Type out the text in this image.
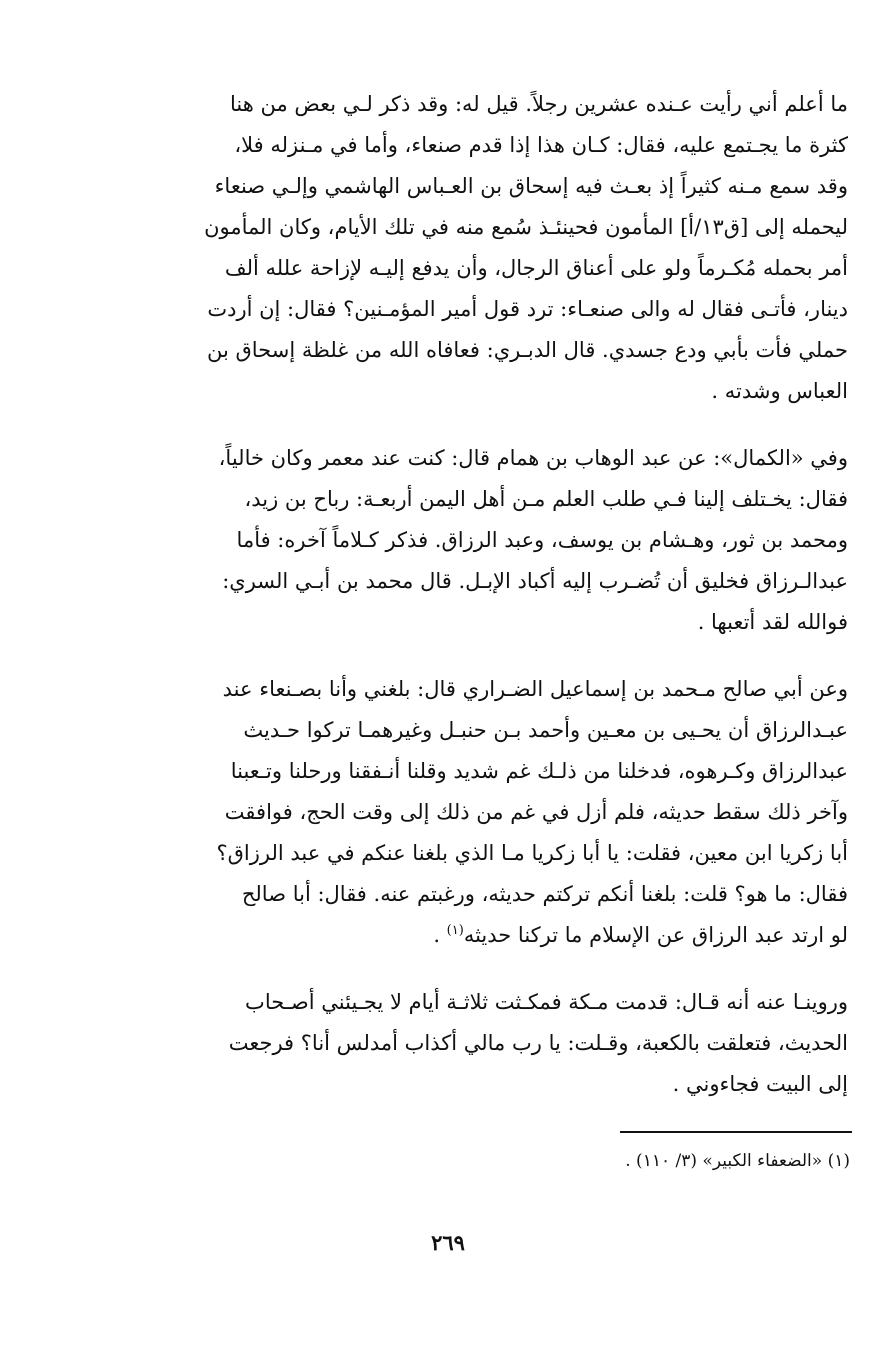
ما أعلم أني رأيت عـنده عشرين رجلاً. قيل له: وقد ذكر لـي بعض من هنا
كثرة ما يجـتمع عليه، فقال: كـان هذا إذا قدم صنعاء، وأما في مـنزله فلا،
وقد سمع مـنه كثيراً إذ بعـث فيه إسحاق بن العـباس الهاشمي وإلـي صنعاء
ليحمله إلى [ق١٣/أ] المأمون فحينئـذ سُمع منه في تلك الأيام، وكان المأمون
أمر بحمله مُكـرماً ولو على أعناق الرجال، وأن يدفع إليـه لإزاحة علله ألف
دينار، فأتـى فقال له والى صنعـاء: ترد قول أمير المؤمـنين؟ فقال: إن أردت
حملي فأت بأبي ودع جسدي. قال الدبـري: فعافاه الله من غلظة إسحاق بن
العباس وشدته .

وفي «الكمال»: عن عبد الوهاب بن همام قال: كنت عند معمر وكان خالياً،
فقال: يخـتلف إلينا فـي طلب العلم مـن أهل اليمن أربعـة: رباح بن زيد،
ومحمد بن ثور، وهـشام بن يوسف، وعبد الرزاق. فذكر كـلاماً آخره: فأما
عبدالـرزاق فخليق أن تُضـرب إليه أكباد الإبـل. قال محمد بن أبـي السري:
فوالله لقد أتعبها .

وعن أبي صالح مـحمد بن إسماعيل الضـراري قال: بلغني وأنا بصـنعاء عند
عبـدالرزاق أن يحـيى بن معـين وأحمد بـن حنبـل وغيرهمـا تركوا حـديث
عبدالرزاق وكـرهوه، فدخلنا من ذلـك غم شديد وقلنا أنـفقنا ورحلنا وتـعبنا
وآخر ذلك سقط حديثه، فلم أزل في غم من ذلك إلى وقت الحج، فوافقت
أبا زكريا ابن معين، فقلت: يا أبا زكريا مـا الذي بلغنا عنكم في عبد الرزاق؟
فقال: ما هو؟ قلت: بلغنا أنكم تركتم حديثه، ورغبتم عنه. فقال: أبا صالح
لو ارتد عبد الرزاق عن الإسلام ما تركنا حديثه$^{(١)}$ .

وروينـا عنه أنه قـال: قدمت مـكة فمكـثت ثلاثـة أيام لا يجـيئني أصـحاب
الحديث، فتعلقت بالكعبة، وقـلت: يا رب مالي أكذاب أمدلس أنا؟ فرجعت
إلى البيت فجاءوني .

(١) «الضعفاء الكبير» (٣/ ١١٠) .
٢٦٩
